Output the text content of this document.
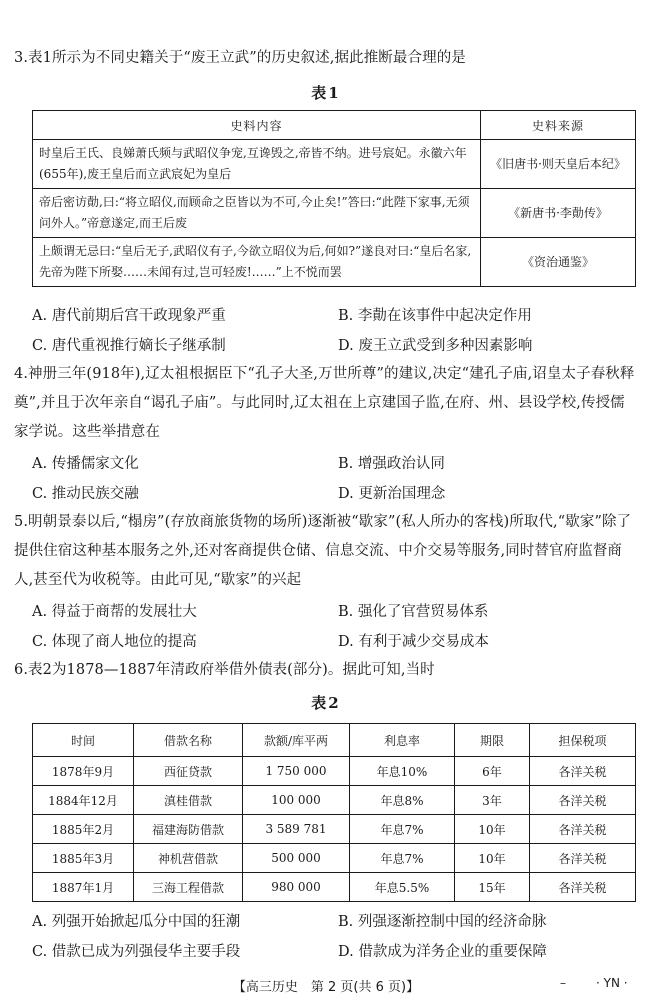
3.表1所示为不同史籍关于“废王立武”的历史叙述,据此推断最合理的是
表1
史料内容	史料来源
时皇后王氏、良娣萧氏频与武昭仪争宠,互谗毁之,帝皆不纳。进号宸妃。永徽六年(655年),废王皇后而立武宸妃为皇后	《旧唐书·则天皇后本纪》
帝后密访勣,曰:“将立昭仪,而顾命之臣皆以为不可,今止矣!”答曰:“此陛下家事,无须问外人。”帝意遂定,而王后废	《新唐书·李勣传》
上颇谓无忌曰:“皇后无子,武昭仪有子,今欲立昭仪为后,何如?”遂良对曰:“皇后名家,先帝为陛下所娶……未闻有过,岂可轻废!……”上不悦而罢	《资治通鉴》
A. 唐代前期后宫干政现象严重	B. 李勣在该事件中起决定作用
C. 唐代重视推行嫡长子继承制	D. 废王立武受到多种因素影响
4.神册三年(918年),辽太祖根据臣下“孔子大圣,万世所尊”的建议,决定“建孔子庙,诏皇太子春秋释奠”,并且于次年亲自“谒孔子庙”。与此同时,辽太祖在上京建国子监,在府、州、县设学校,传授儒家学说。这些举措意在
A. 传播儒家文化	B. 增强政治认同
C. 推动民族交融	D. 更新治国理念
5.明朝景泰以后,“榻房”(存放商旅货物的场所)逐渐被“歇家”(私人所办的客栈)所取代,“歇家”除了提供住宿这种基本服务之外,还对客商提供仓储、信息交流、中介交易等服务,同时替官府监督商人,甚至代为收税等。由此可见,“歇家”的兴起
A. 得益于商帮的发展壮大	B. 强化了官营贸易体系
C. 体现了商人地位的提高	D. 有利于减少交易成本
6.表2为1878—1887年清政府举借外债表(部分)。据此可知,当时
表2
时间	借款名称	款额/库平两	利息率	期限	担保税项
1878年9月	西征贷款	1 750 000	年息10%	6年	各洋关税
1884年12月	滇桂借款	100 000	年息8%	3年	各洋关税
1885年2月	福建海防借款	3 589 781	年息7%	10年	各洋关税
1885年3月	神机营借款	500 000	年息7%	10年	各洋关税
1887年1月	三海工程借款	980 000	年息5.5%	15年	各洋关税
A. 列强开始掀起瓜分中国的狂潮	B. 列强逐渐控制中国的经济命脉
C. 借款已成为列强侵华主要手段	D. 借款成为洋务企业的重要保障
【高三历史　第 2 页(共 6 页)】	–	· YN ·
